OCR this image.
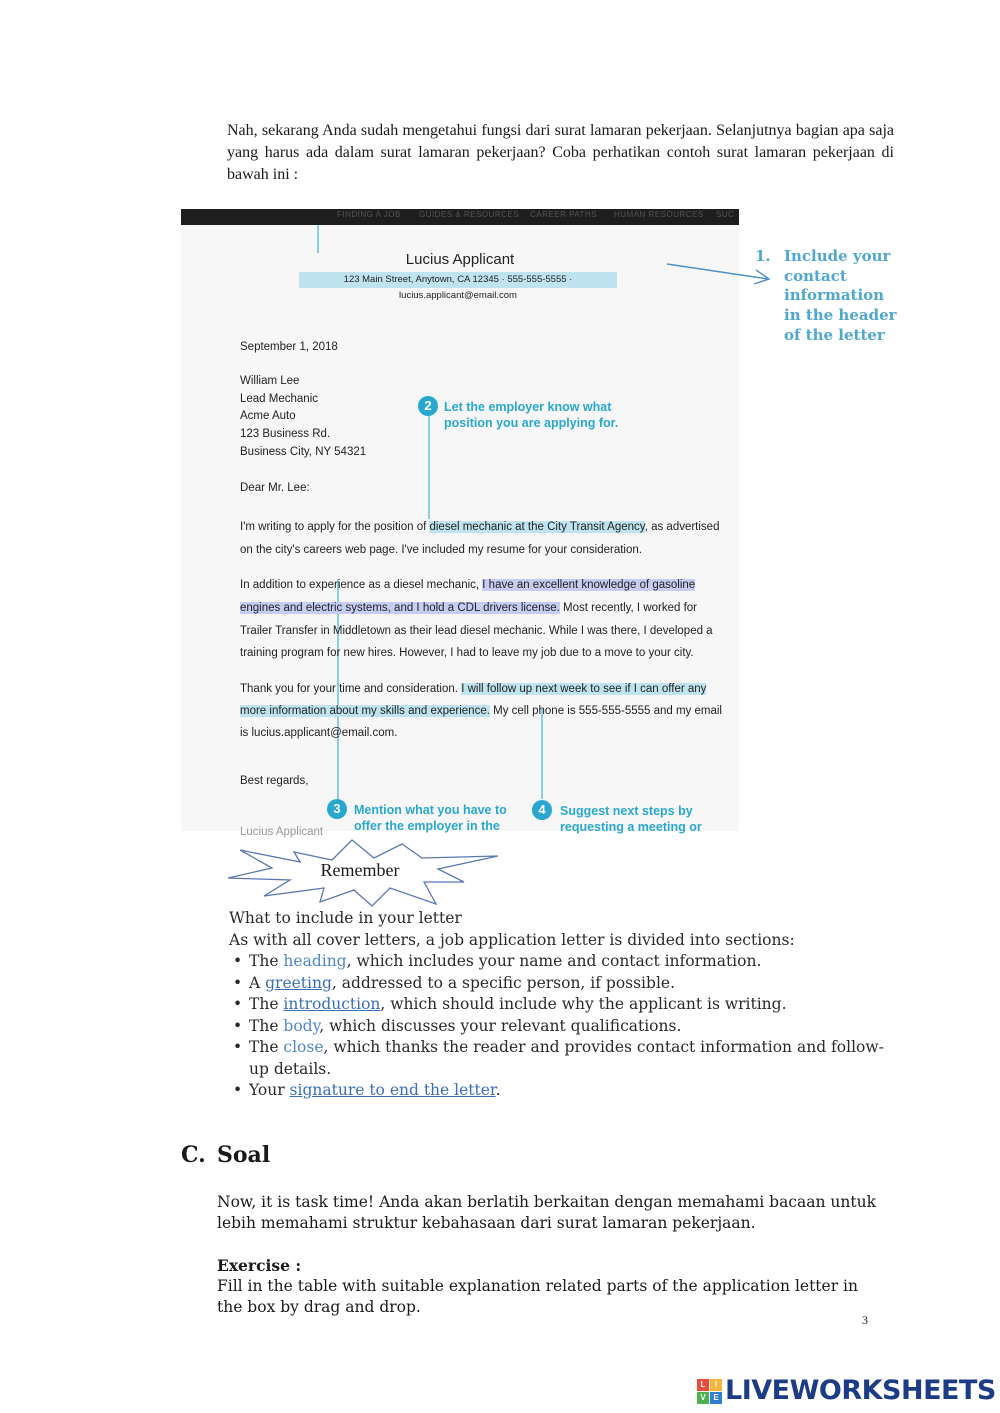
Nah, sekarang Anda sudah mengetahui fungsi dari surat lamaran pekerjaan. Selanjutnya bagian apa saja yang harus ada dalam surat lamaran pekerjaan? Coba perhatikan contoh surat lamaran pekerjaan di bawah ini :
FINDING A JOB GUIDES & RESOURCES CAREER PATHS HUMAN RESOURCES SUC
Lucius Applicant
123 Main Street, Anytown, CA 12345 · 555-555-5555 · lucius.applicant@email.com
September 1, 2018
William Lee
Lead Mechanic
Acme Auto
123 Business Rd.
Business City, NY 54321
Dear Mr. Lee:
I'm writing to apply for the position of diesel mechanic at the City Transit Agency, as advertised
on the city's careers web page. I've included my resume for your consideration.
In addition to experience as a diesel mechanic, I have an excellent knowledge of gasoline
engines and electric systems, and I hold a CDL drivers license. Most recently, I worked for
Trailer Transfer in Middletown as their lead diesel mechanic. While I was there, I developed a
training program for new hires. However, I had to leave my job due to a move to your city.
Thank you for your time and consideration. I will follow up next week to see if I can offer any
more information about my skills and experience. My cell phone is 555-555-5555 and my email
is lucius.applicant@email.com.
Best regards,
Lucius Applicant
2 Let the employer know what position you are applying for.
3	Mention what you have to offer the employer in the
4	Suggest next steps by requesting a meeting or
1. Include your contact information in the header of the letter
Remember

What to include in your letter

As with all cover letters, a job application letter is divided into sections:

• The heading, which includes your name and contact information.
• A greeting, addressed to a specific person, if possible.
• The introduction, which should include why the applicant is writing.
• The body, which discusses your relevant qualifications.
• The close, which thanks the reader and provides contact information and follow-up details.
• Your signature to end the letter.
C. Soal
Now, it is task time! Anda akan berlatih berkaitan dengan memahami bacaan untuk lebih memahami struktur kebahasaan dari surat lamaran pekerjaan.
Exercise :
Fill in the table with suitable explanation related parts of the application letter in the box by drag and drop.
3
L	I
V E LIVEWORKSHEETS
